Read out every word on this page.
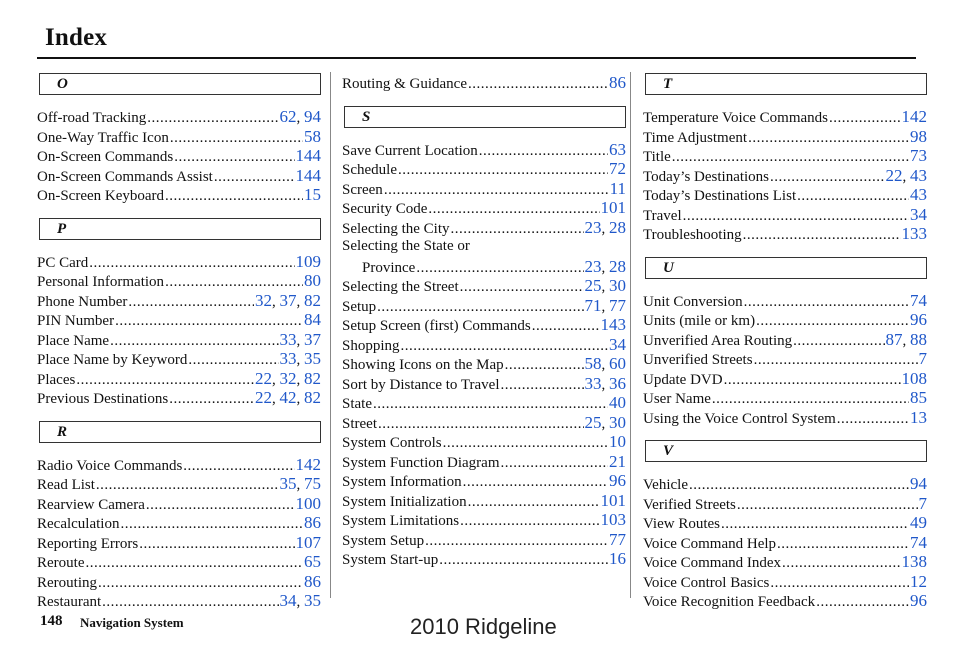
Index
O
Off-road Tracking .....	62, 94
One-Way Traffic Icon .....	58
On-Screen Commands .....	144
On-Screen Commands Assist .....	144
On-Screen Keyboard .....	15
P
PC Card .....	109
Personal Information .....	80
Phone Number .....	32, 37, 82
PIN Number .....	84
Place Name .....	33, 37
Place Name by Keyword .....	33, 35
Places .....	22, 32, 82
Previous Destinations .....	22, 42, 82
R
Radio Voice Commands .....	142
Read List .....	35, 75
Rearview Camera .....	100
Recalculation .....	86
Reporting Errors .....	107
Reroute .....	65
Rerouting .....	86
Restaurant .....	34, 35
Routing & Guidance .....	86
S
Save Current Location .....	63
Schedule .....	72
Screen .....	11
Security Code .....	101
Selecting the City .....	23, 28
Selecting the State or
Province .....	23, 28
Selecting the Street .....	25, 30
Setup .....	71, 77
Setup Screen (first) Commands .....	143
Shopping .....	34
Showing Icons on the Map .....	58, 60
Sort by Distance to Travel .....	33, 36
State .....	40
Street .....	25, 30
System Controls .....	10
System Function Diagram .....	21
System Information .....	96
System Initialization .....	101
System Limitations .....	103
System Setup .....	77
System Start-up .....	16
T
Temperature Voice Commands .....	142
Time Adjustment .....	98
Title .....	73
Today’s Destinations .....	22, 43
Today’s Destinations List .....	43
Travel .....	34
Troubleshooting .....	133
U
Unit Conversion .....	74
Units (mile or km) .....	96
Unverified Area Routing .....	87, 88
Unverified Streets .....	7
Update DVD .....	108
User Name .....	85
Using the Voice Control System .....	13
V
Vehicle .....	94
Verified Streets .....	7
View Routes .....	49
Voice Command Help .....	74
Voice Command Index .....	138
Voice Control Basics .....	12
Voice Recognition Feedback .....	96
148 Navigation System	2010 Ridgeline
